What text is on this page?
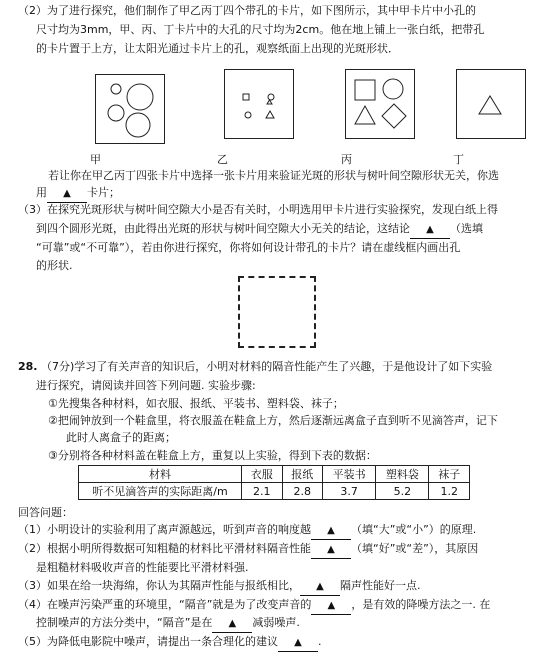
（2）为了进行探究，他们制作了甲乙丙丁四个带孔的卡片，如下图所示，其中甲卡片中小孔的
尺寸均为3mm，甲、丙、丁卡片中的大孔的尺寸均为2cm。他在地上铺上一张白纸，把带孔
的卡片置于上方，让太阳光通过卡片上的孔，观察纸面上出现的光斑形状．
甲	乙	丙	丁
若让你在甲乙丙丁四张卡片中选择一张卡片用来验证光斑的形状与树叶间空隙形状无关，你选
用 ▲ 卡片；
（3）在探究光斑形状与树叶间空隙大小是否有关时，小明选用甲卡片进行实验探究，发现白纸上得
到四个圆形光斑，由此得出光斑的形状与树叶间空隙大小无关的结论，这结论 ▲ （选填
“可靠”或“不可靠”），若由你进行探究，你将如何设计带孔的卡片？请在虚线框内画出孔
的形状.
28. （7分)学习了有关声音的知识后，小明对材料的隔音性能产生了兴趣，于是他设计了如下实验
进行探究，请阅读并回答下列问题. 实验步骤:
①先搜集各种材料，如衣服、报纸、平装书、塑料袋、袜子；
②把闹钟放到一个鞋盒里，将衣服盖在鞋盒上方，然后逐渐远离盒子直到听不见滴答声，记下
此时人离盒子的距离；
③分别将各种材料盖在鞋盒上方，重复以上实验，得到下表的数据：
材料	衣服	报纸	平装书	塑料袋	袜子
听不见滴答声的实际距离/m	2.1	2.8	3.7	5.2	1.2
回答问题：
（1）小明设计的实验利用了离声源越远，听到声音的响度越 ▲ （填“大”或“小”）的原理.
（2）根据小明所得数据可知粗糙的材料比平滑材料隔音性能 ▲ （填“好”或“差”），其原因
是粗糙材料吸收声音的性能要比平滑材料强.
（3）如果在给一块海绵，你认为其隔声性能与报纸相比， ▲ 隔声性能好一点.
（4）在噪声污染严重的环境里，“隔音”就是为了改变声音的 ▲ ，是有效的降噪方法之一. 在
控制噪声的方法分类中，“隔音”是在 ▲ 减弱噪声.
（5）为降低电影院中噪声，请提出一条合理化的建议 ▲ .
